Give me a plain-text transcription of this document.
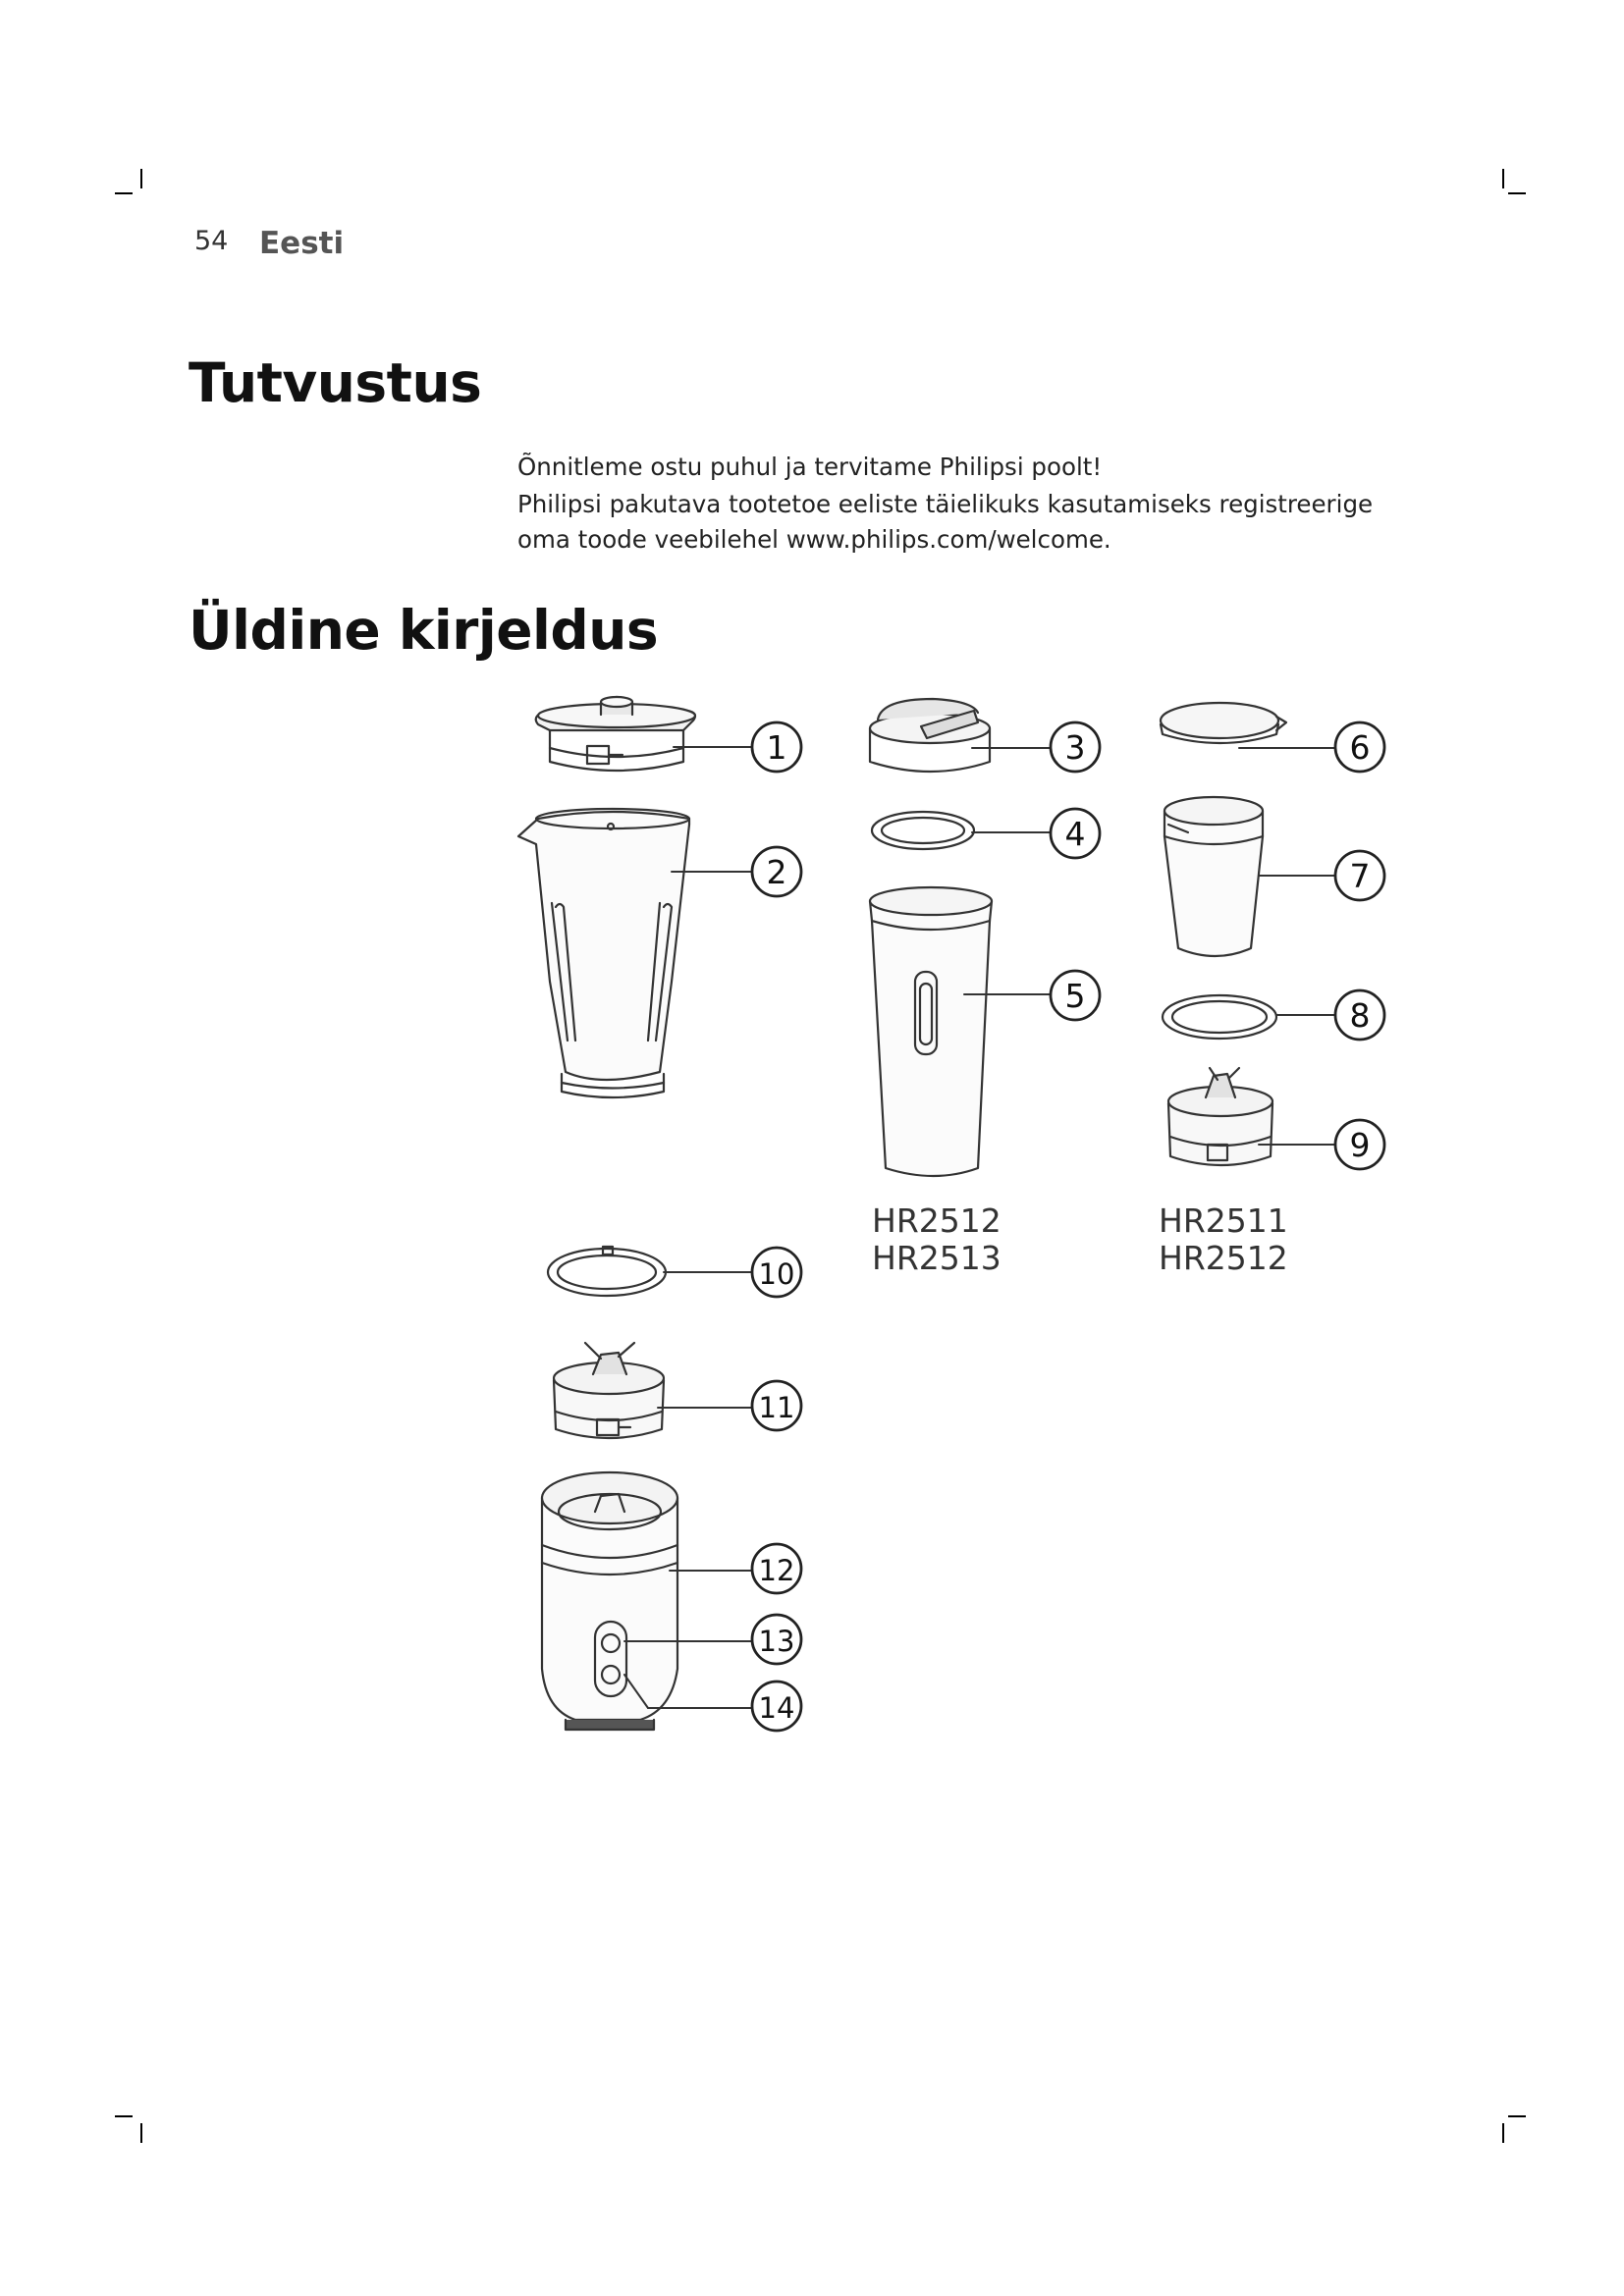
54 Eesti
Tutvustus

Õnnitleme ostu puhul ja tervitame Philipsi poolt!

Philipsi pakutava tootetoe eeliste täielikuks kasutamiseks registreerige oma toode veebilehel www.philips.com/welcome.

Üldine kirjeldus
HR2512
HR2513
HR2511
HR2512
1
2
3
4
5
6
7
8
9
10
11
12
13
14
